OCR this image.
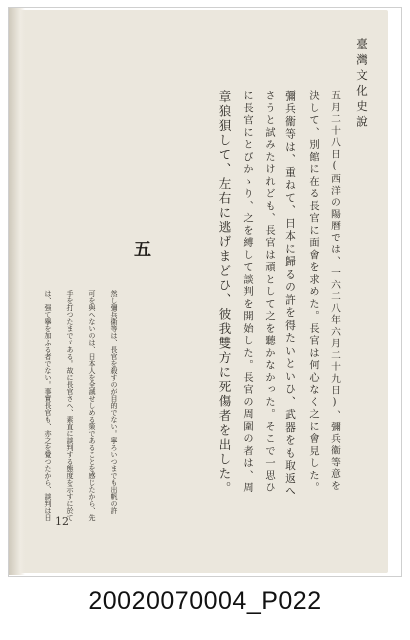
臺灣文化史說
五月二十八日(西洋の陽曆では、一六二八年六月二十九日)、彌兵衞等意を
決して、別館に在る長官に面會を求めた。長官は何心なく之に會見した。
彌兵衞等は、重ねて、日本に歸るの許を得たいといひ、武器をも取返へ
さうと試みたけれども、長官は頑として之を聽かなかった。そこで一思ひ
に長官にとびかゝり、之を縛して談判を開始した。長官の周圍の者は、周
章狼狽して、左右に逃げまどひ、彼我雙方に死傷者を出した。
五
然し彌兵衞等は、長官を殺すのが目的でない。寧ろいつまでも出帆の許
可を與へないのは、日本人を全滅せしめる策であることを感じたから、先
手を打つたまでゞある。故に長官さへ、素直に談判する態度を示すに於て
は、强て擧を加ふる者でない。事實長官も、亦之を覺つたから、談判は日
12
20020070004_P022
